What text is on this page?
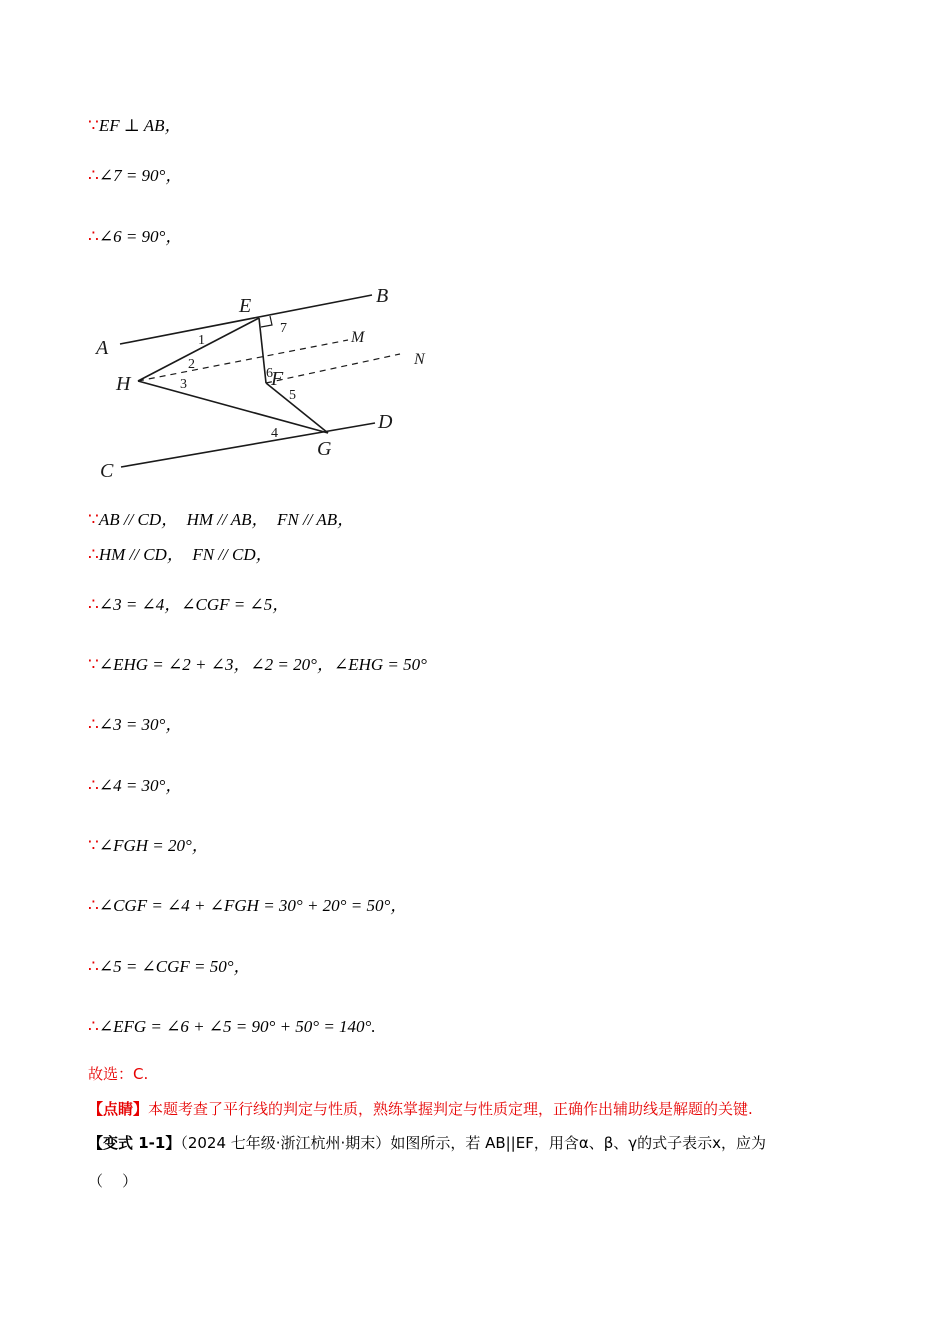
∵EF ⊥ AB，
∴∠7 = 90°，
∴∠6 = 90°，
A
B
C
D
E
F
G
H
M
N
1
2
3
4
5
6
7
∵AB // CD，  HM // AB，  FN // AB，
∴HM // CD，  FN // CD，
∴∠3 = ∠4，∠CGF = ∠5，
∵∠EHG = ∠2 + ∠3，∠2 = 20°，∠EHG = 50°
∴∠3 = 30°，
∴∠4 = 30°，
∵∠FGH = 20°，
∴∠CGF = ∠4 + ∠FGH = 30° + 20° = 50°，
∴∠5 = ∠CGF = 50°，
∴∠EFG = ∠6 + ∠5 = 90° + 50° = 140°.
故选：C.
【点睛】本题考查了平行线的判定与性质，熟练掌握判定与性质定理，正确作出辅助线是解题的关键.
【变式 1-1】（2024 七年级·浙江杭州·期末）如图所示，若 AB||EF，用含α、β、γ的式子表示x，应为
（    ）
